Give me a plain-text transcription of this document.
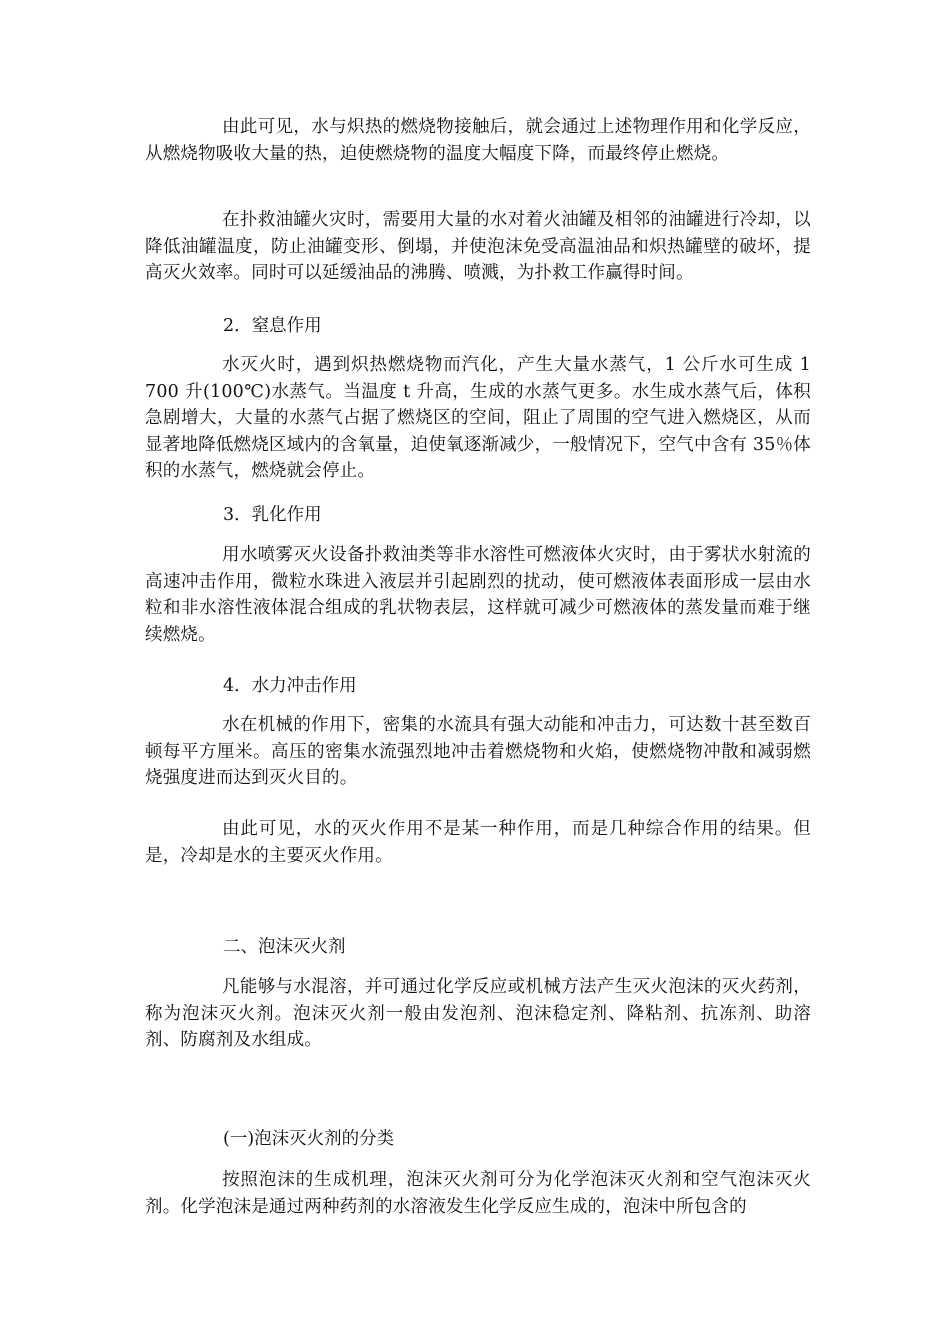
由此可见，水与炽热的燃烧物接触后，就会通过上述物理作用和化学反应，从燃烧物吸收大量的热，迫使燃烧物的温度大幅度下降，而最终停止燃烧。

在扑救油罐火灾时，需要用大量的水对着火油罐及相邻的油罐进行冷却，以降低油罐温度，防止油罐变形、倒塌，并使泡沫免受高温油品和炽热罐壁的破坏，提高灭火效率。同时可以延缓油品的沸腾、喷溅，为扑救工作赢得时间。

2．窒息作用

水灭火时，遇到炽热燃烧物而汽化，产生大量水蒸气，1 公斤水可生成 1 700 升(100℃)水蒸气。当温度 t 升高，生成的水蒸气更多。水生成水蒸气后，体积急剧增大，大量的水蒸气占据了燃烧区的空间，阻止了周围的空气进入燃烧区，从而显著地降低燃烧区域内的含氧量，迫使氧逐渐减少，一般情况下，空气中含有 35％体积的水蒸气，燃烧就会停止。

3．乳化作用

用水喷雾灭火设备扑救油类等非水溶性可燃液体火灾时，由于雾状水射流的高速冲击作用，微粒水珠进入液层并引起剧烈的扰动，使可燃液体表面形成一层由水粒和非水溶性液体混合组成的乳状物表层，这样就可减少可燃液体的蒸发量而难于继续燃烧。

4．水力冲击作用

水在机械的作用下，密集的水流具有强大动能和冲击力，可达数十甚至数百顿每平方厘米。高压的密集水流强烈地冲击着燃烧物和火焰，使燃烧物冲散和减弱燃烧强度进而达到灭火目的。

由此可见，水的灭火作用不是某一种作用，而是几种综合作用的结果。但是，冷却是水的主要灭火作用。

二、泡沫灭火剂

凡能够与水混溶，并可通过化学反应或机械方法产生灭火泡沫的灭火药剂，称为泡沫灭火剂。泡沫灭火剂一般由发泡剂、泡沫稳定剂、降粘剂、抗冻剂、助溶剂、防腐剂及水组成。

(一)泡沫灭火剂的分类

按照泡沫的生成机理，泡沫灭火剂可分为化学泡沫灭火剂和空气泡沫灭火剂。化学泡沫是通过两种药剂的水溶液发生化学反应生成的，泡沫中所包含的
